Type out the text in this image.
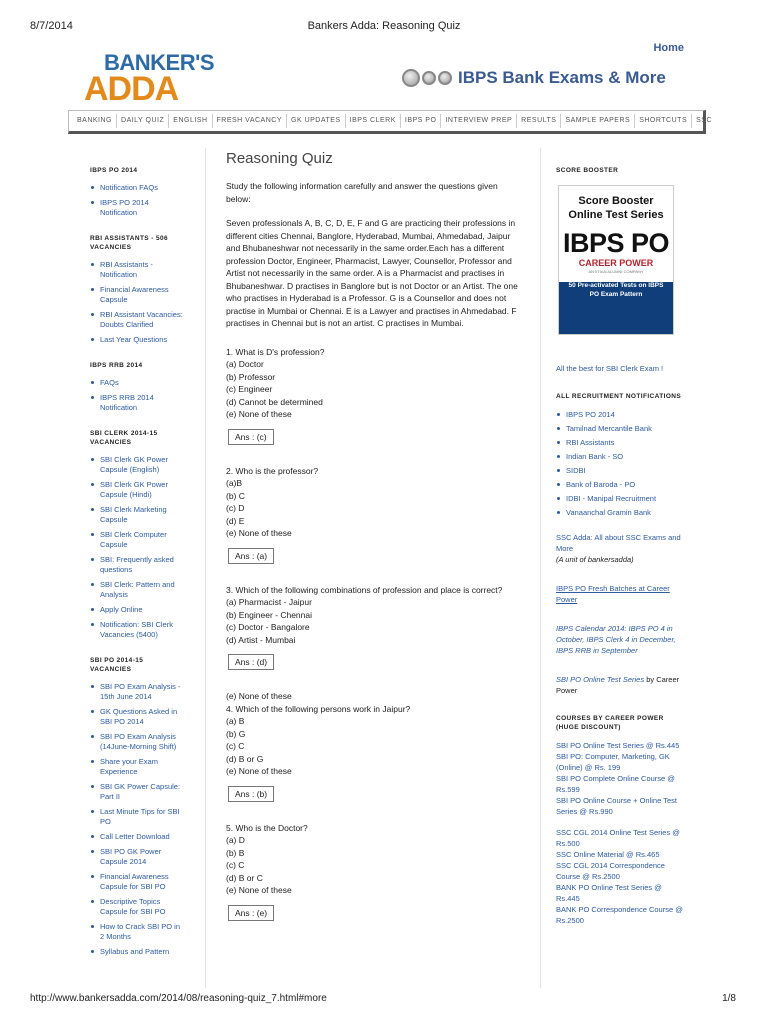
8/7/2014	Bankers Adda: Reasoning Quiz
Home
BANKER'S
ADDA	IBPS Bank Exams & More
BANKING	DAILY QUIZ	ENGLISH	FRESH VACANCY	GK UPDATES	IBPS CLERK	IBPS PO	INTERVIEW PREP	RESULTS	SAMPLE PAPERS	SHORTCUTS	SSC
IBPS PO 2014
Notification FAQs
IBPS PO 2014 Notification
RBI ASSISTANTS - 506 VACANCIES
RBI Assistants - Notification
Financial Awareness Capsule
RBI Assistant Vacancies: Doubts Clarified
Last Year Questions
IBPS RRB 2014
FAQs
IBPS RRB 2014 Notification
SBI CLERK 2014-15 VACANCIES
SBI Clerk GK Power Capsule (English)
SBI Clerk GK Power Capsule (Hindi)
SBI Clerk Marketing Capsule
SBI Clerk Computer Capsule
SBI: Frequently asked questions
SBI Clerk: Pattern and Analysis
Apply Online
Notification: SBI Clerk Vacancies (5400)
SBI PO 2014-15 VACANCIES
SBI PO Exam Analysis - 15th June 2014
GK Questions Asked in SBI PO 2014
SBI PO Exam Analysis (14June-Morning Shift)
Share your Exam Experience
SBI GK Power Capsule: Part II
Last Minute Tips for SBI PO
Call Letter Download
SBI PO GK Power Capsule 2014
Financial Awareness Capsule for SBI PO
Descriptive Topics Capsule for SBI PO
How to Crack SBI PO in 2 Months
Syllabus and Pattern
Reasoning Quiz

Study the following information carefully and answer the questions given below:

Seven professionals A, B, C, D, E, F and G are practicing their professions in different cities Chennai, Banglore, Hyderabad, Mumbai, Ahmedabad, Jaipur and Bhubaneshwar not necessarily in the same order.Each has a different profession Doctor, Engineer, Pharmacist, Lawyer, Counsellor, Professor and Artist not necessarily in the same order. A is a Pharmacist and practises in Bhubaneshwar. D practises in Banglore but is not Doctor or an Artist. The one who practises in Hyderabad is a Professor. G is a Counsellor and does not practise in Mumbai or Chennai. E is a Lawyer and practises in Ahmedabad. F practises in Chennai but is not an artist. C practises in Mumbai.

1. What is D's profession?
(a) Doctor
(b) Professor
(c) Engineer
(d) Cannot be determined
(e) None of these
Ans : (c)
2. Who is the professor?
(a)B
(b) C
(c) D
(d) E
(e) None of these
Ans : (a)
3. Which of the following combinations of profession and place is correct?
(a) Pharmacist - Jaipur
(b) Engineer - Chennai
(c) Doctor - Bangalore
(d) Artist - Mumbai
Ans : (d)
(e) None of these
4. Which of the following persons work in Jaipur?
(a) B
(b) G
(c) C
(d) B or G
(e) None of these
Ans : (b)
5. Who is the Doctor?
(a) D
(b) B
(c) C
(d) B or C
(e) None of these
Ans : (e)
SCORE BOOSTER
Score Booster
Online Test Series
IBPS PO
CAREER POWER
AN IITIAN ALUMNI COMPANY
50 Pre-activated Tests on IBPS PO Exam Pattern
All the best for SBI Clerk Exam !
ALL RECRUITMENT NOTIFICATIONS
IBPS PO 2014
Tamilnad Mercantile Bank
RBI Assistants
Indian Bank - SO
SIDBI
Bank of Baroda - PO
IDBI - Manipal Recruitment
Vanaanchal Gramin Bank
SSC Adda: All about SSC Exams and More
(A unit of bankersadda)
IBPS PO Fresh Batches at Career Power
IBPS Calendar 2014: IBPS PO 4 in October, IBPS Clerk 4 in December, IBPS RRB in September
SBI PO Online Test Series by Career Power
COURSES BY CAREER POWER (HUGE DISCOUNT)
SBI PO Online Test Series @ Rs.445
SBI PO: Computer, Marketing, GK (Online) @ Rs. 199
SBI PO Complete Online Course @ Rs.599
SBI PO Online Course + Online Test Series @ Rs.990
SSC CGL 2014 Online Test Series @ Rs.500
SSC Online Material @ Rs.465
SSC CGL 2014 Correspondence Course @ Rs.2500
BANK PO Online Test Series @ Rs.445
BANK PO Correspondence Course @ Rs.2500
http://www.bankersadda.com/2014/08/reasoning-quiz_7.html#more	1/8
